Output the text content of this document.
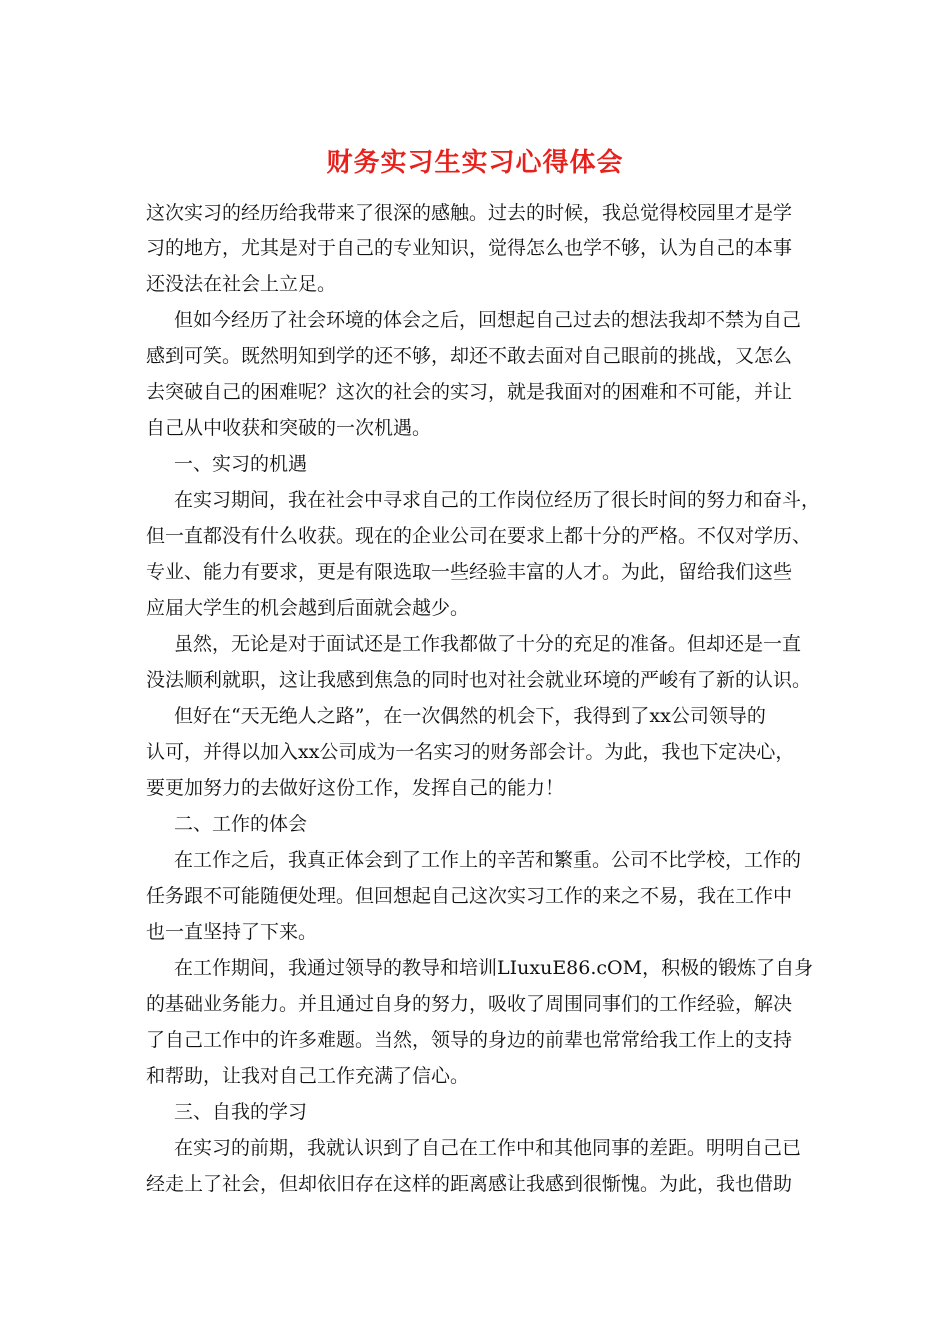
财务实习生实习心得体会
这次实习的经历给我带来了很深的感触。过去的时候，我总觉得校园里才是学
习的地方，尤其是对于自己的专业知识，觉得怎么也学不够，认为自己的本事
还没法在社会上立足。
但如今经历了社会环境的体会之后，回想起自己过去的想法我却不禁为自己
感到可笑。既然明知到学的还不够，却还不敢去面对自己眼前的挑战，又怎么
去突破自己的困难呢？这次的社会的实习，就是我面对的困难和不可能，并让
自己从中收获和突破的一次机遇。
一、实习的机遇
在实习期间，我在社会中寻求自己的工作岗位经历了很长时间的努力和奋斗，
但一直都没有什么收获。现在的企业公司在要求上都十分的严格。不仅对学历、
专业、能力有要求，更是有限选取一些经验丰富的人才。为此，留给我们这些
应届大学生的机会越到后面就会越少。
虽然，无论是对于面试还是工作我都做了十分的充足的准备。但却还是一直
没法顺利就职，这让我感到焦急的同时也对社会就业环境的严峻有了新的认识。
但好在“天无绝人之路”，在一次偶然的机会下，我得到了xx公司领导的
认可，并得以加入xx公司成为一名实习的财务部会计。为此，我也下定决心，
要更加努力的去做好这份工作，发挥自己的能力！
二、工作的体会
在工作之后，我真正体会到了工作上的辛苦和繁重。公司不比学校，工作的
任务跟不可能随便处理。但回想起自己这次实习工作的来之不易，我在工作中
也一直坚持了下来。
在工作期间，我通过领导的教导和培训LIuxuE86.cOM，积极的锻炼了自身
的基础业务能力。并且通过自身的努力，吸收了周围同事们的工作经验，解决
了自己工作中的许多难题。当然，领导的身边的前辈也常常给我工作上的支持
和帮助，让我对自己工作充满了信心。
三、自我的学习
在实习的前期，我就认识到了自己在工作中和其他同事的差距。明明自己已
经走上了社会，但却依旧存在这样的距离感让我感到很惭愧。为此，我也借助
